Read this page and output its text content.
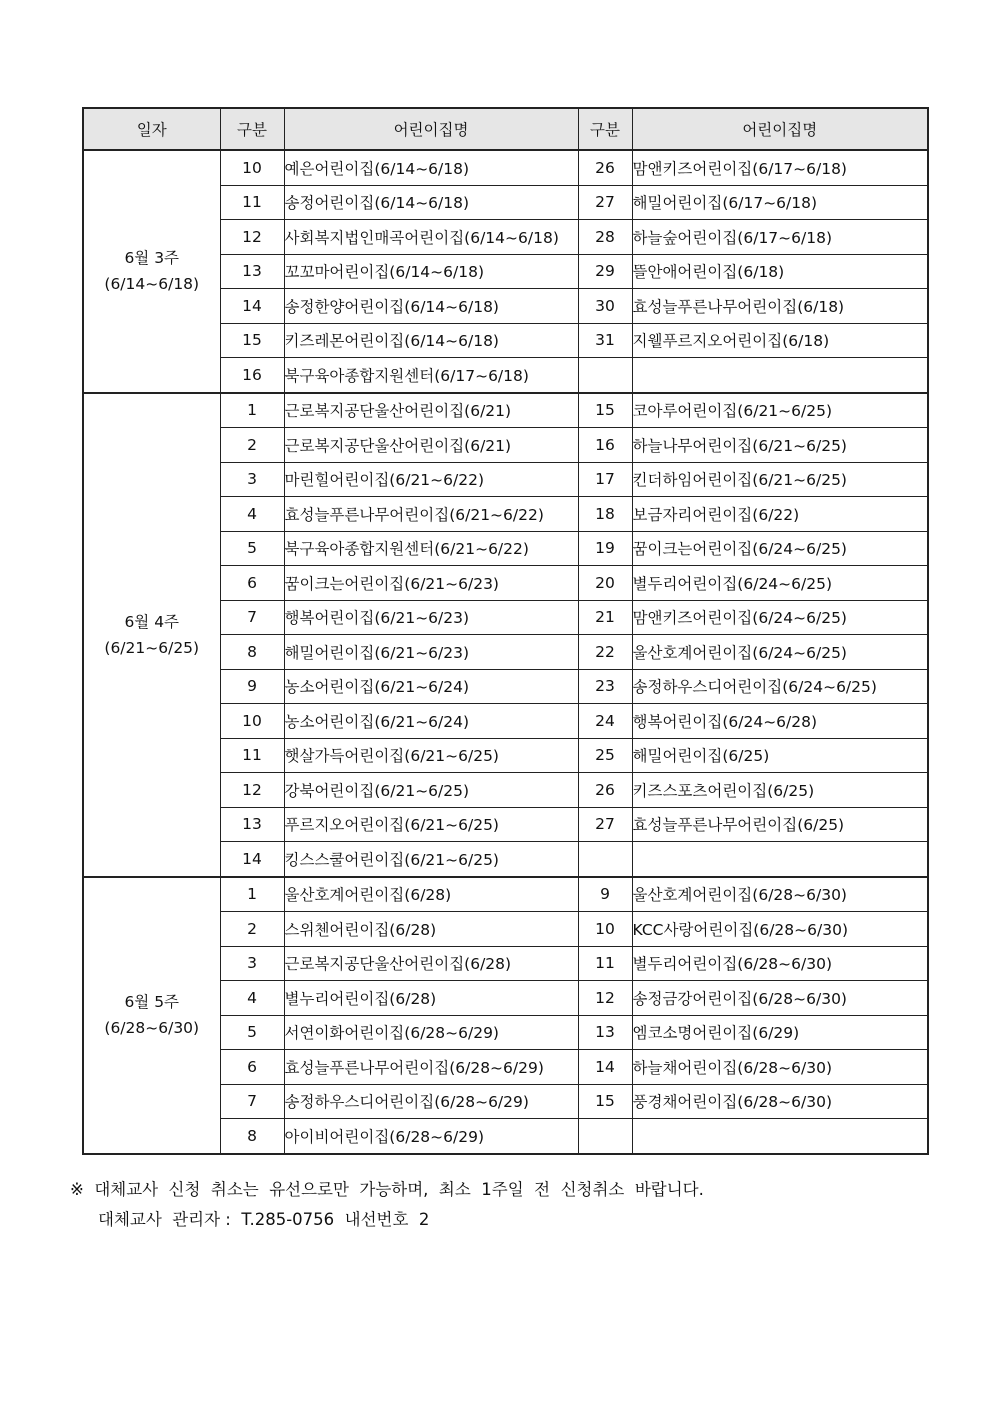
일자	구분	어린이집명	구분	어린이집명

6월 3주
(6/14~6/18)	10	예은어린이집(6/14~6/18)	26	맘앤키즈어린이집(6/17~6/18)
	11	송정어린이집(6/14~6/18)	27	해밀어린이집(6/17~6/18)
	12	사회복지법인매곡어린이집(6/14~6/18)	28	하늘숲어린이집(6/17~6/18)
	13	꼬꼬마어린이집(6/14~6/18)	29	뜰안애어린이집(6/18)
	14	송정한양어린이집(6/14~6/18)	30	효성늘푸른나무어린이집(6/18)
	15	키즈레몬어린이집(6/14~6/18)	31	지웰푸르지오어린이집(6/18)
	16	북구육아종합지원센터(6/17~6/18)		

6월 4주
(6/21~6/25)	1	근로복지공단울산어린이집(6/21)	15	코아루어린이집(6/21~6/25)
	2	근로복지공단울산어린이집(6/21)	16	하늘나무어린이집(6/21~6/25)
	3	마린힐어린이집(6/21~6/22)	17	킨더하임어린이집(6/21~6/25)
	4	효성늘푸른나무어린이집(6/21~6/22)	18	보금자리어린이집(6/22)
	5	북구육아종합지원센터(6/21~6/22)	19	꿈이크는어린이집(6/24~6/25)
	6	꿈이크는어린이집(6/21~6/23)	20	별두리어린이집(6/24~6/25)
	7	행복어린이집(6/21~6/23)	21	맘앤키즈어린이집(6/24~6/25)
	8	해밀어린이집(6/21~6/23)	22	울산호계어린이집(6/24~6/25)
	9	농소어린이집(6/21~6/24)	23	송정하우스디어린이집(6/24~6/25)
	10	농소어린이집(6/21~6/24)	24	행복어린이집(6/24~6/28)
	11	햇살가득어린이집(6/21~6/25)	25	해밀어린이집(6/25)
	12	강북어린이집(6/21~6/25)	26	키즈스포츠어린이집(6/25)
	13	푸르지오어린이집(6/21~6/25)	27	효성늘푸른나무어린이집(6/25)
	14	킹스스쿨어린이집(6/21~6/25)		

6월 5주
(6/28~6/30)	1	울산호계어린이집(6/28)	9	울산호계어린이집(6/28~6/30)
	2	스위첸어린이집(6/28)	10	KCC사랑어린이집(6/28~6/30)
	3	근로복지공단울산어린이집(6/28)	11	별두리어린이집(6/28~6/30)
	4	별누리어린이집(6/28)	12	송정금강어린이집(6/28~6/30)
	5	서연이화어린이집(6/28~6/29)	13	엠코소명어린이집(6/29)
	6	효성늘푸른나무어린이집(6/28~6/29)	14	하늘채어린이집(6/28~6/30)
	7	송정하우스디어린이집(6/28~6/29)	15	풍경채어린이집(6/28~6/30)
	8	아이비어린이집(6/28~6/29)		
※  대체교사  신청  취소는  유선으로만  가능하며,  최소  1주일  전  신청취소  바랍니다.
대체교사  관리자 :  T.285-0756  내선번호  2
